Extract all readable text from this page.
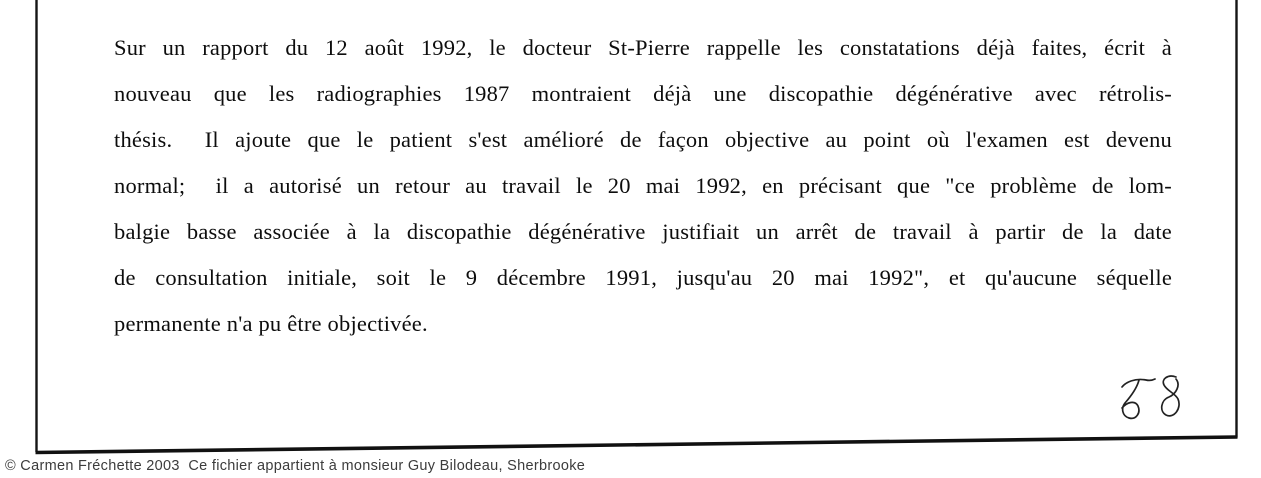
Sur un rapport du 12 août 1992, le docteur St-Pierre rappelle les constatations déjà faites, écrit à
nouveau que les radiographies 1987 montraient déjà une discopathie dégénérative avec rétrolis-
thésis.  Il ajoute que le patient s'est amélioré de façon objective au point où l'examen est devenu
normal;  il a autorisé un retour au travail le 20 mai 1992, en précisant que "ce problème de lom-
balgie basse associée à la discopathie dégénérative justifiait un arrêt de travail à partir de la date
de consultation initiale, soit le 9 décembre 1991, jusqu'au 20 mai 1992", et qu'aucune séquelle
permanente n'a pu être objectivée.
© Carmen Fréchette 2003  Ce fichier appartient à monsieur Guy Bilodeau, Sherbrooke
